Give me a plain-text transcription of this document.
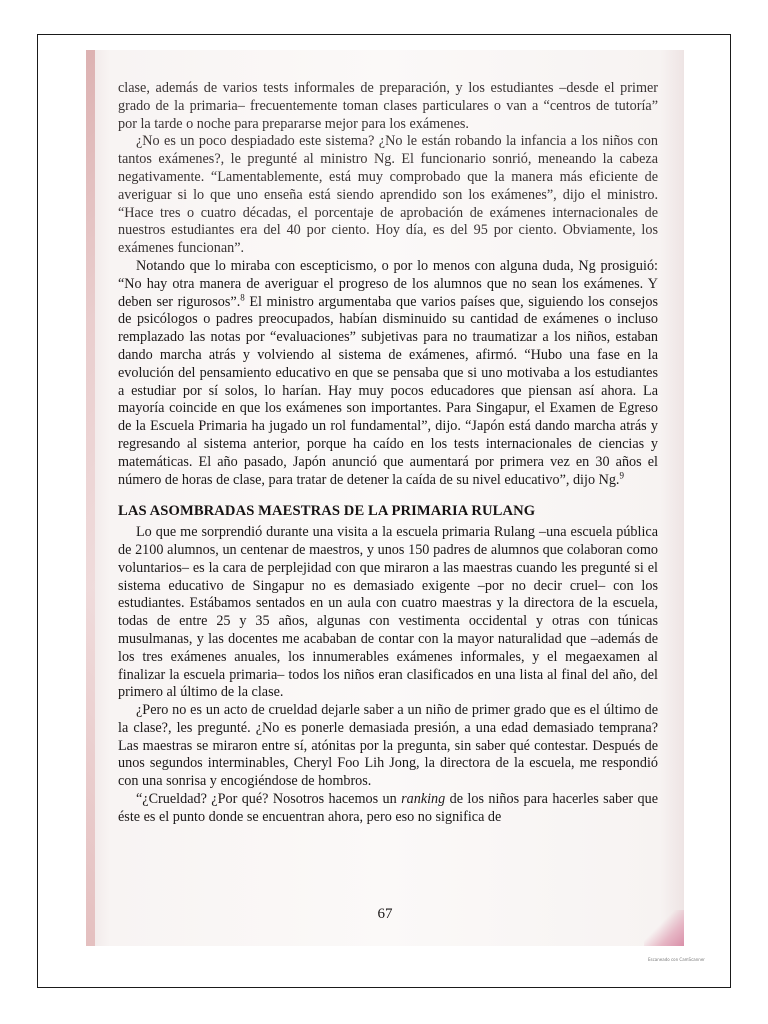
clase, además de varios tests informales de preparación, y los estudiantes –desde el primer grado de la primaria– frecuentemente toman clases particulares o van a “centros de tutoría” por la tarde o noche para prepararse mejor para los exámenes.

¿No es un poco despiadado este sistema? ¿No le están robando la infancia a los niños con tantos exámenes?, le pregunté al ministro Ng. El funcionario sonrió, meneando la cabeza negativamente. “Lamentablemente, está muy comprobado que la manera más eficiente de averiguar si lo que uno enseña está siendo aprendido son los exámenes”, dijo el ministro. “Hace tres o cuatro décadas, el porcentaje de aprobación de exámenes internacionales de nuestros estudiantes era del 40 por ciento. Hoy día, es del 95 por ciento. Obviamente, los exámenes funcionan”.

Notando que lo miraba con escepticismo, o por lo menos con alguna duda, Ng prosiguió: “No hay otra manera de averiguar el progreso de los alumnos que no sean los exámenes. Y deben ser rigurosos”.$^8$ El ministro argumentaba que varios países que, siguiendo los consejos de psicólogos o padres preocupados, habían disminuido su cantidad de exámenes o incluso remplazado las notas por “evaluaciones” subjetivas para no traumatizar a los niños, estaban dando marcha atrás y volviendo al sistema de exámenes, afirmó. “Hubo una fase en la evolución del pensamiento educativo en que se pensaba que si uno motivaba a los estudiantes a estudiar por sí solos, lo harían. Hay muy pocos educadores que piensan así ahora. La mayoría coincide en que los exámenes son importantes. Para Singapur, el Examen de Egreso de la Escuela Primaria ha jugado un rol fundamental”, dijo. “Japón está dando marcha atrás y regresando al sistema anterior, porque ha caído en los tests internacionales de ciencias y matemáticas. El año pasado, Japón anunció que aumentará por primera vez en 30 años el número de horas de clase, para tratar de detener la caída de su nivel educativo”, dijo Ng.$^9$

LAS ASOMBRADAS MAESTRAS DE LA PRIMARIA RULANG

Lo que me sorprendió durante una visita a la escuela primaria Rulang –una escuela pública de 2100 alumnos, un centenar de maestros, y unos 150 padres de alumnos que colaboran como voluntarios– es la cara de perplejidad con que miraron a las maestras cuando les pregunté si el sistema educativo de Singapur no es demasiado exigente –por no decir cruel– con los estudiantes. Estábamos sentados en un aula con cuatro maestras y la directora de la escuela, todas de entre 25 y 35 años, algunas con vestimenta occidental y otras con túnicas musulmanas, y las docentes me acababan de contar con la mayor naturalidad que –además de los tres exámenes anuales, los innumerables exámenes informales, y el megaexamen al finalizar la escuela primaria– todos los niños eran clasificados en una lista al final del año, del primero al último de la clase.

¿Pero no es un acto de crueldad dejarle saber a un niño de primer grado que es el último de la clase?, les pregunté. ¿No es ponerle demasiada presión, a una edad demasiado temprana? Las maestras se miraron entre sí, atónitas por la pregunta, sin saber qué contestar. Después de unos segundos interminables, Cheryl Foo Lih Jong, la directora de la escuela, me respondió con una sonrisa y encogiéndose de hombros.

“¿Crueldad? ¿Por qué? Nosotros hacemos un ranking de los niños para hacerles saber que éste es el punto donde se encuentran ahora, pero eso no significa de

67
Escaneado con CamScanner
